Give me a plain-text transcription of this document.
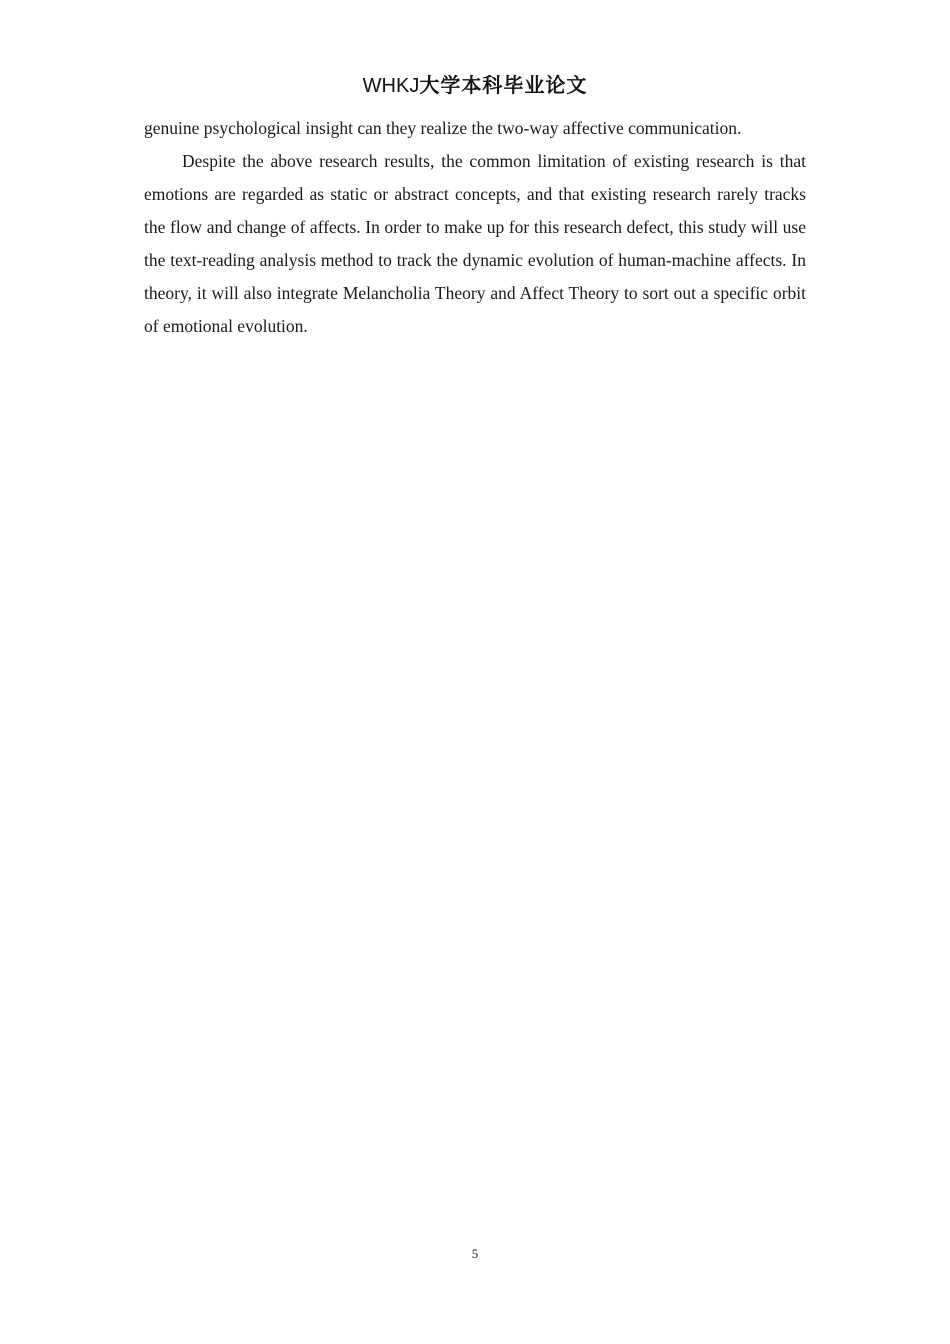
WHKJ大学本科毕业论文

genuine psychological insight can they realize the two-way affective communication.

Despite the above research results, the common limitation of existing research is that emotions are regarded as static or abstract concepts, and that existing research rarely tracks the flow and change of affects. In order to make up for this research defect, this study will use the text-reading analysis method to track the dynamic evolution of human-machine affects. In theory, it will also integrate Melancholia Theory and Affect Theory to sort out a specific orbit of emotional evolution.

5
